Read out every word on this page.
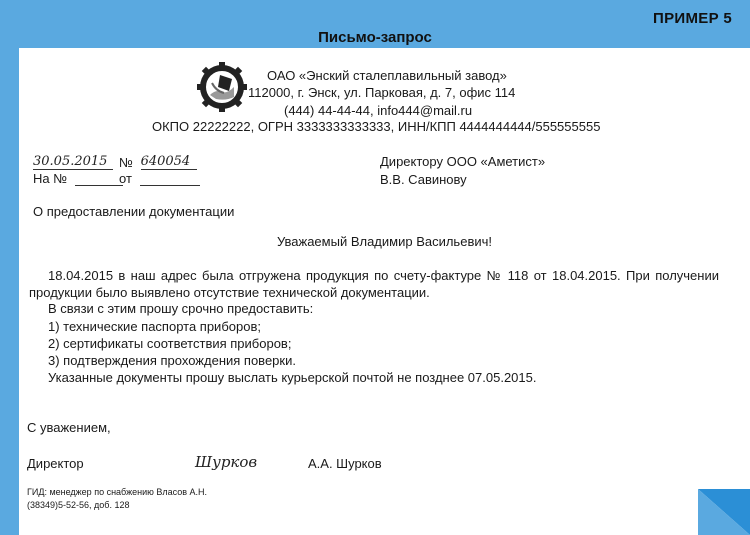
ПРИМЕР 5
Письмо-запрос
ОАО «Энский сталеплавильный завод»
112000, г. Энск, ул. Парковая, д. 7, офис 114
(444) 44-44-44, info444@mail.ru
ОКПО 22222222, ОГРН 3333333333333, ИНН/КПП 4444444444/555555555
30.05.2015 № 640054
На №	от
Директору ООО «Аметист»
В.В. Савинову
О предоставлении документации
Уважаемый Владимир Васильевич!
18.04.2015 в наш адрес была отгружена продукция по счету-фактуре № 118 от 18.04.2015. При получении продукции было выявлено отсутствие технической документации.
В связи с этим прошу срочно предоставить:
1) технические паспорта приборов;
2) сертификаты соответствия приборов;
3) подтверждения прохождения поверки.
Указанные документы прошу выслать курьерской почтой не позднее 07.05.2015.
С уважением,
Директор	Шурков	А.А. Шурков
ГИД: менеджер по снабжению Власов А.Н.
(38349)5-52-56, доб. 128
